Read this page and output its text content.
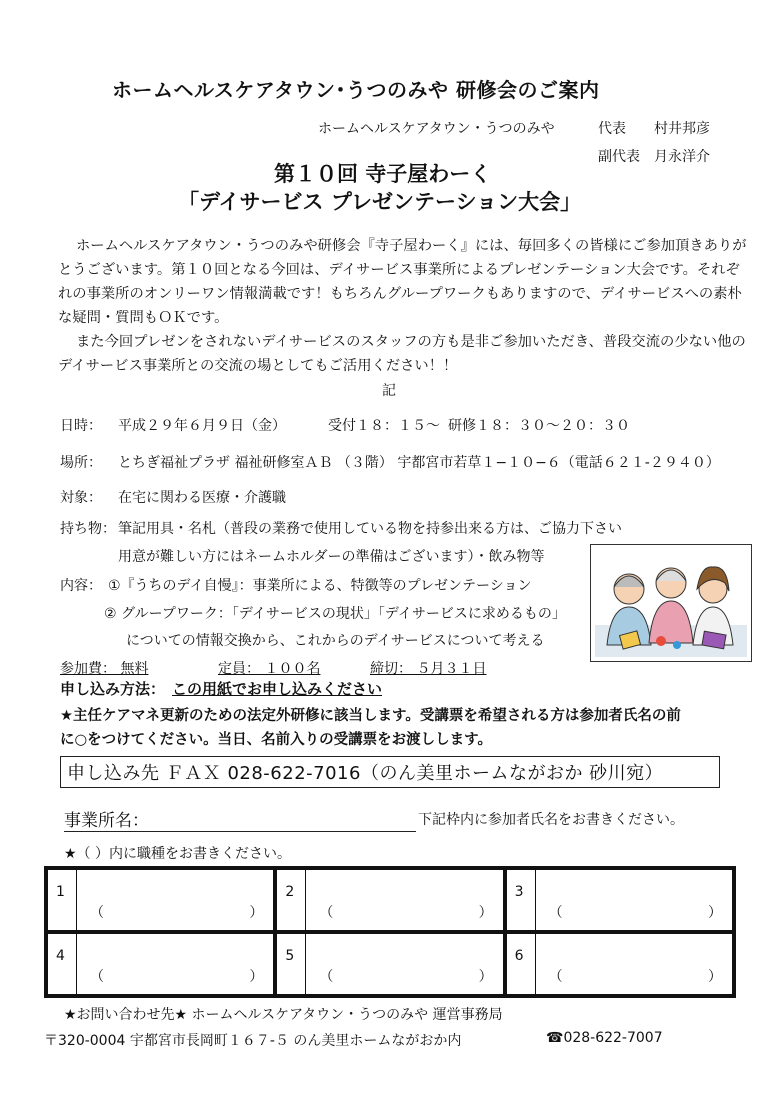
ホームヘルスケアタウン･うつのみや 研修会のご案内
ホームヘルスケアタウン・うつのみや	代表 村井邦彦
副代表 月永洋介
第１０回 寺子屋わーく
「デイサービス プレゼンテーション大会」
ホームヘルスケアタウン・うつのみや研修会『寺子屋わーく』には、毎回多くの皆様にご参加頂きありがとうございます。第１０回となる今回は、デイサービス事業所によるプレゼンテーション大会です。それぞれの事業所のオンリーワン情報満載です！もちろんグループワークもありますので、デイサービスへの素朴な疑問・質問もＯＫです。
また今回プレゼンをされないデイサービスのスタッフの方も是非ご参加いただき、普段交流の少ない他のデイサービス事業所との交流の場としてもご活用ください！！
記
日時： 平成２９年６月９日（金）	受付１８：１５〜 研修１８：３０〜２０：３０
場所： とちぎ福祉プラザ 福祉研修室ＡＢ （３階） 宇都宮市若草１−１０−６（電話６２１-２９４０）
対象： 在宅に関わる医療・介護職
持ち物： 筆記用具・名札（普段の業務で使用している物を持参出来る方は、ご協力下さい
用意が難しい方にはネームホルダーの準備はございます）・飲み物等
内容： ①『うちのデイ自慢』：事業所による、特徴等のプレゼンテーション
② グループワーク：「デイサービスの現状」「デイサービスに求めるもの」
についての情報交換から、これからのデイサービスについて考える
参加費： 無料	定員： １００名	締切： ５月３１日
申し込み方法： この用紙でお申し込みください
★主任ケアマネ更新のための法定外研修に該当します。受講票を希望される方は参加者氏名の前
に○をつけてください。当日、名前入りの受講票をお渡しします。
申し込み先 ＦＡＸ 028-622-7016（のん美里ホームながおか 砂川宛）
事業所名：	下記枠内に参加者氏名をお書きください。
★（ ）内に職種をお書きください。
1
（	）
2
（	）
3
（	）
4
（	）
5
（	）
6
（	）
★お問い合わせ先★ ホームヘルスケアタウン・うつのみや 運営事務局
〒320-0004 宇都宮市長岡町１６７-５ のん美里ホームながおか内	☎028-622-7007
